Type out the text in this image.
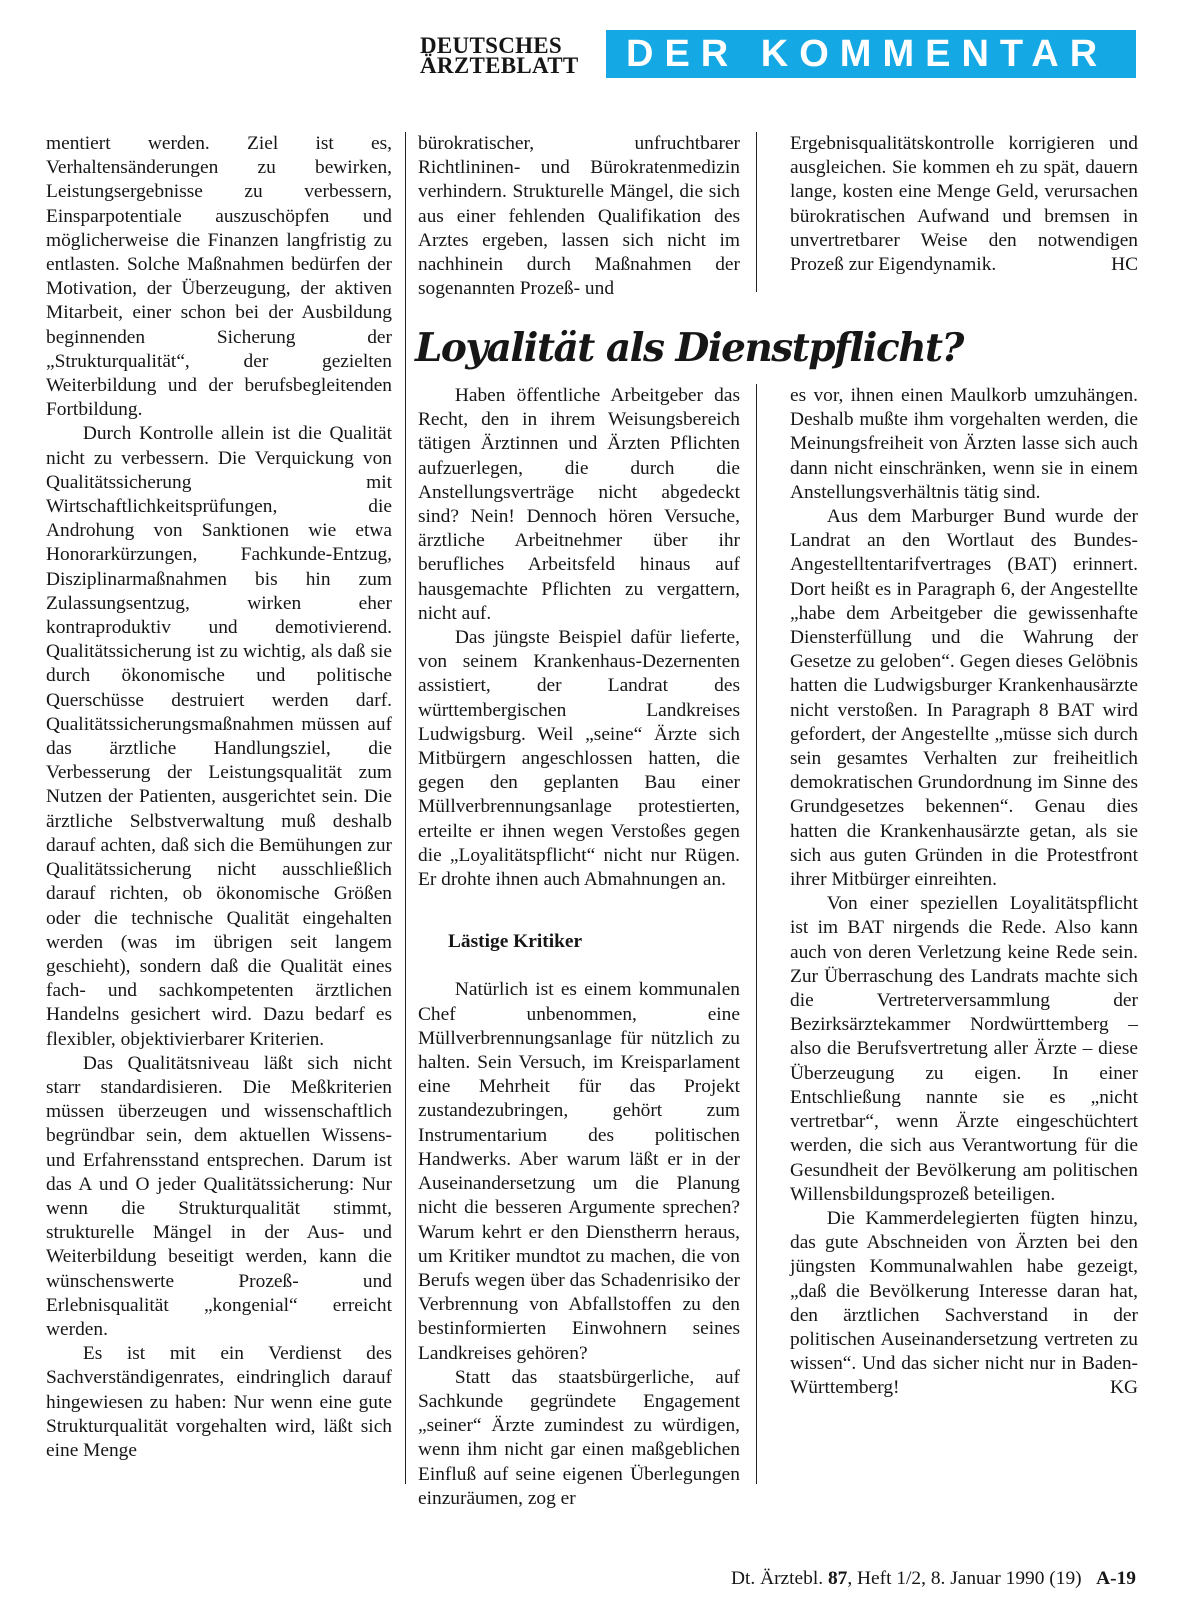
DEUTSCHES
ÄRZTEBLATT	DER KOMMENTAR

mentiert werden. Ziel ist es, Verhaltensänderungen zu bewirken, Leistungsergebnisse zu verbessern, Einsparpotentiale auszuschöpfen und möglicherweise die Finanzen langfristig zu entlasten. Solche Maßnahmen bedürfen der Motivation, der Überzeugung, der aktiven Mitarbeit, einer schon bei der Ausbildung beginnenden Sicherung der „Strukturqualität“, der gezielten Weiterbildung und der berufsbegleitenden Fortbildung.

Durch Kontrolle allein ist die Qualität nicht zu verbessern. Die Verquickung von Qualitätssicherung mit Wirtschaftlichkeitsprüfungen, die Androhung von Sanktionen wie etwa Honorarkürzungen, Fachkunde-Entzug, Disziplinarmaßnahmen bis hin zum Zulassungsentzug, wirken eher kontraproduktiv und demotivierend. Qualitätssicherung ist zu wichtig, als daß sie durch ökonomische und politische Querschüsse destruiert werden darf. Qualitätssicherungsmaßnahmen müssen auf das ärztliche Handlungsziel, die Verbesserung der Leistungsqualität zum Nutzen der Patienten, ausgerichtet sein. Die ärztliche Selbstverwaltung muß deshalb darauf achten, daß sich die Bemühungen zur Qualitätssicherung nicht ausschließlich darauf richten, ob ökonomische Größen oder die technische Qualität eingehalten werden (was im übrigen seit langem geschieht), sondern daß die Qualität eines fach- und sachkompetenten ärztlichen Handelns gesichert wird. Dazu bedarf es flexibler, objektivierbarer Kriterien.

Das Qualitätsniveau läßt sich nicht starr standardisieren. Die Meßkriterien müssen überzeugen und wissenschaftlich begründbar sein, dem aktuellen Wissens- und Erfahrensstand entsprechen. Darum ist das A und O jeder Qualitätssicherung: Nur wenn die Strukturqualität stimmt, strukturelle Mängel in der Aus- und Weiterbildung beseitigt werden, kann die wünschenswerte Prozeß- und Erlebnisqualität „kongenial“ erreicht werden.

Es ist mit ein Verdienst des Sachverständigenrates, eindringlich darauf hingewiesen zu haben: Nur wenn eine gute Strukturqualität vorgehalten wird, läßt sich eine Menge

bürokratischer, unfruchtbarer Richtlininen- und Bürokratenmedizin verhindern. Strukturelle Mängel, die sich aus einer fehlenden Qualifikation des Arztes ergeben, lassen sich nicht im nachhinein durch Maßnahmen der sogenannten Prozeß- und

Ergebnisqualitätskontrolle korrigieren und ausgleichen. Sie kommen eh zu spät, dauern lange, kosten eine Menge Geld, verursachen bürokratischen Aufwand und bremsen in unvertretbarer Weise den notwendigen Prozeß zur Eigendynamik.	HC

Loyalität als Dienstpflicht?

Haben öffentliche Arbeitgeber das Recht, den in ihrem Weisungsbereich tätigen Ärztinnen und Ärzten Pflichten aufzuerlegen, die durch die Anstellungsverträge nicht abgedeckt sind? Nein! Dennoch hören Versuche, ärztliche Arbeitnehmer über ihr berufliches Arbeitsfeld hinaus auf hausgemachte Pflichten zu vergattern, nicht auf.

Das jüngste Beispiel dafür lieferte, von seinem Krankenhaus-Dezernenten assistiert, der Landrat des württembergischen Landkreises Ludwigsburg. Weil „seine“ Ärzte sich Mitbürgern angeschlossen hatten, die gegen den geplanten Bau einer Müllverbrennungsanlage protestierten, erteilte er ihnen wegen Verstoßes gegen die „Loyalitätspflicht“ nicht nur Rügen. Er drohte ihnen auch Abmahnungen an.

Lästige Kritiker

Natürlich ist es einem kommunalen Chef unbenommen, eine Müllverbrennungsanlage für nützlich zu halten. Sein Versuch, im Kreisparlament eine Mehrheit für das Projekt zustandezubringen, gehört zum Instrumentarium des politischen Handwerks. Aber warum läßt er in der Auseinandersetzung um die Planung nicht die besseren Argumente sprechen? Warum kehrt er den Dienstherrn heraus, um Kritiker mundtot zu machen, die von Berufs wegen über das Schadenrisiko der Verbrennung von Abfallstoffen zu den bestinformierten Einwohnern seines Landkreises gehören?

Statt das staatsbürgerliche, auf Sachkunde gegründete Engagement „seiner“ Ärzte zumindest zu würdigen, wenn ihm nicht gar einen maßgeblichen Einfluß auf seine eigenen Überlegungen einzuräumen, zog er

es vor, ihnen einen Maulkorb umzuhängen. Deshalb mußte ihm vorgehalten werden, die Meinungsfreiheit von Ärzten lasse sich auch dann nicht einschränken, wenn sie in einem Anstellungsverhältnis tätig sind.

Aus dem Marburger Bund wurde der Landrat an den Wortlaut des Bundes-Angestelltentarifvertrages (BAT) erinnert. Dort heißt es in Paragraph 6, der Angestellte „habe dem Arbeitgeber die gewissenhafte Diensterfüllung und die Wahrung der Gesetze zu geloben“. Gegen dieses Gelöbnis hatten die Ludwigsburger Krankenhausärzte nicht verstoßen. In Paragraph 8 BAT wird gefordert, der Angestellte „müsse sich durch sein gesamtes Verhalten zur freiheitlich demokratischen Grundordnung im Sinne des Grundgesetzes bekennen“. Genau dies hatten die Krankenhausärzte getan, als sie sich aus guten Gründen in die Protestfront ihrer Mitbürger einreihten.

Von einer speziellen Loyalitätspflicht ist im BAT nirgends die Rede. Also kann auch von deren Verletzung keine Rede sein. Zur Überraschung des Landrats machte sich die Vertreterversammlung der Bezirksärztekammer Nordwürttemberg – also die Berufsvertretung aller Ärzte – diese Überzeugung zu eigen. In einer Entschließung nannte sie es „nicht vertretbar“, wenn Ärzte eingeschüchtert werden, die sich aus Verantwortung für die Gesundheit der Bevölkerung am politischen Willensbildungsprozeß beteiligen.

Die Kammerdelegierten fügten hinzu, das gute Abschneiden von Ärzten bei den jüngsten Kommunalwahlen habe gezeigt, „daß die Bevölkerung Interesse daran hat, den ärztlichen Sachverstand in der politischen Auseinandersetzung vertreten zu wissen“. Und das sicher nicht nur in Baden-Württemberg!	KG

Dt. Ärztebl. 87, Heft 1/2, 8. Januar 1990 (19) A-19
